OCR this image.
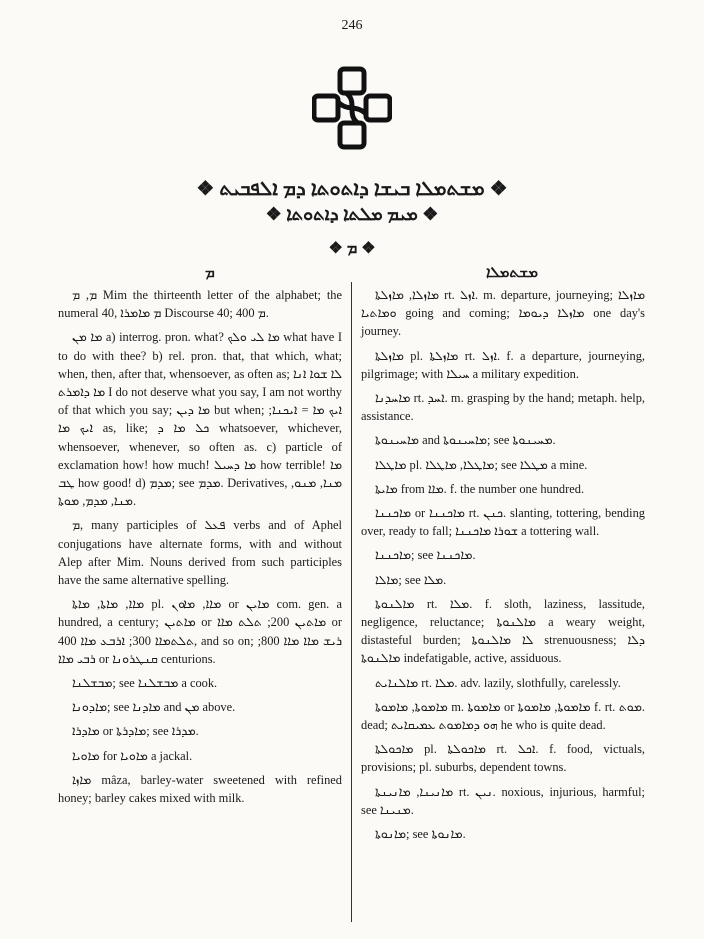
246
❖ ܡܫܬܡܠܐ ܒܝܫܐ ܕܐܬܘܬܐ ܕܡ ܐܠܦܒܝܬ ❖
❖ ܡܝܡ ܡܠܬܐ ܕܐܬܘܬܐ ❖
❖ ܡ ❖
ܡ	ܡܫܬܡܠܐ

ܡ, ܡ Mim the thirteenth letter of the alphabet; the numeral 40, ܡ ܡܐܡܪܐ Discourse 40; ܡ 400.

ܡܐ ܡܢ a) interrog. pron. what? ܡܐ ܠܝ ܘܠܟ what have I to do with thee? b) rel. pron. that, that which, what; when, then, after that, whensoever, as often as; ܠܐ ܫܘܐ ܐܢܐ ܡܐ ܕܐܡܪܬ I do not deserve what you say, I am not worthy of that which you say; ܡܐ ܕܝܢ but when; ܐܝܟ ܡܐ = ܐܝܟܢܐ; ܐܝܟ ܡܐ as, like; ܟܠ ܡܐ ܕ whatsoever, whichever, whensoever, whenever, so often as. c) particle of exclamation how! how much! ܡܐ ܕܚܝܠ how terrible! ܡܐ ܛܒ how good! d) ܡܕܡ; see ܡܕܡ. Derivatives, ܡܢܐ, ܡܢܘ, ܡܢܐ, ܡܕܡ, ܡܘܬܐ.

ܡ, many participles of ܦܥܠ verbs and of Aphel conjugations have alternate forms, with and without Alep after Mim. Nouns derived from such participles have the same alternative spelling.

ܡܐܐ, ܡܐܬܐ, ܡܐܬܐ pl. ܡܐܐ, ܡܐܘܢ or ܡܐܝܢ com. gen. a hundred, a century; ܡܐܬܝܢ or ܡܐܬܝܢ 200; ܬܠܬ ܡܐܐ or ܬܠܬܡܐܐ 300; ܐܪܒܥ ܡܐܐ 400, and so on; ܪܝܫ ܡܐܐ ܡܐܐ 800; ܪܒܝ ܡܐܐ or ܩܢܛܪܘܢܐ centurions.

ܡܒܫܠܢܐ; see ܡܒܫܠܢܐ a cook.

ܡܐܕܘܢܐ; see ܡܐܕܢܐ and ܡܢ above.

ܡܐܕܪܐ or ܡܐܕܪܬܐ; see ܡܕܪܐ.

ܡܐܘܝܐ for ܡܐܘܝܐ a jackal.

ܡܐܙܐ mâza, barley-water sweetened with refined honey; barley cakes mixed with milk.

ܡܐܙܠܐ, ܡܐܙܠܬܐ rt. ܐܙܠ. m. departure, journeying; ܡܐܙܠܐ ܘܡܐܬܝܐ going and coming; ܡܐܙܠܐ ܕܝܘܡܐ one day's journey.

ܡܐܙܠܬܐ pl. ܡܐܙܠܬܐ rt. ܐܙܠ. f. a departure, journeying, pilgrimage; with ܚܝܠܐ a military expedition.

ܡܐܚܕܢܐ rt. ܐܚܕ. m. grasping by the hand; metaph. help, assistance.

ܡܐܚܝܢܘܬܐ and ܡܐܚܝܢܘܬܐ; see ܡܚܝܢܘܬܐ.

ܡܐܛܠܐ pl. ܡܐܛܠܐ, ܡܐܛܠܐ; see ܡܛܠܐ a mine.

ܡܐܝܬܐ from ܡܐܐ. f. the number one hundred.

ܡܐܟܢܢܐ or ܡܐܟܢܢܐ rt. ܟܢܢ. slanting, tottering, bending over, ready to fall; ܫܘܪܐ ܡܐܟܢܢܐ a tottering wall.

ܡܐܟܢܢܐ; see ܡܐܟܢܢܐ.

ܡܐܠܐ; see ܡܠܐ.

ܡܐܠܢܘܬܐ rt. ܡܠܐ. f. sloth, laziness, lassitude, negligence, reluctance; ܡܐܠܢܘܬܐ a weary weight, distasteful burden; ܠܐ ܡܐܠܢܘܬܐ strenuousness; ܕܠܐ ܡܐܠܢܘܬܐ indefatigable, active, assiduous.

ܡܐܠܢܐܝܬ rt. ܡܠܐ. adv. lazily, slothfully, carelessly.

ܡܐܡܘܬܐ, ܡܐܡܘܬܐ m. ܡܐܡܘܬܐ or ܡܐܡܘܬܐ, ܡܐܡܘܬܐ f. rt. ܡܘܬ. dead; ܗܘ ܕܡܐܡܘܬ ܥܡܝܩܐܝܬ he who is quite dead.

ܡܐܟܘܠܬܐ pl. ܡܐܟܘܠܬܐ rt. ܐܟܠ. f. food, victuals, provisions; pl. suburbs, dependent towns.

ܡܐܢܝܢܐ, ܡܐܢܝܢܬܐ rt. ܢܝܢ. noxious, injurious, harmful; see ܡܢܝܢܐ.

ܡܐܢܘܬܐ; see ܡܐܢܘܬܐ.
